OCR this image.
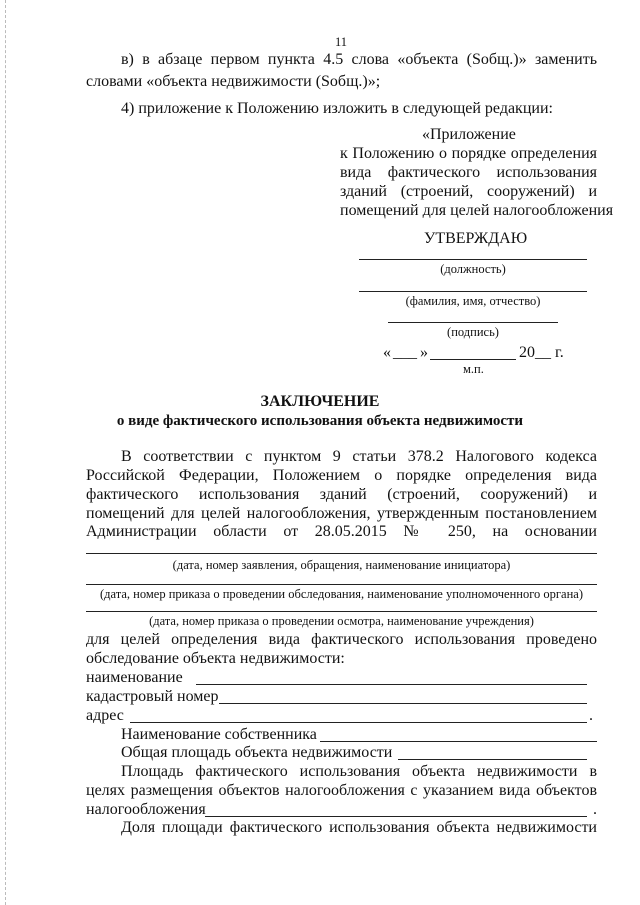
11
в) в абзаце первом пункта 4.5 слова «объекта (Sобщ.)» заменить
словами «объекта недвижимости (Sобщ.)»;
4) приложение к Положению изложить в следующей редакции:
«Приложение
к Положению о порядке определения
вида фактического использования
зданий (строений, сооружений) и
помещений для целей налогообложения
УТВЕРЖДАЮ
(должность)
(фамилия, имя, отчество)
(подпись)
« ___ »	20 __ г.
м.п.
ЗАКЛЮЧЕНИЕ
о виде фактического использования объекта недвижимости
В соответствии с пунктом 9 статьи 378.2 Налогового кодекса
Российской Федерации, Положением о порядке определения вида
фактического использования зданий (строений, сооружений) и
помещений для целей налогообложения, утвержденным постановлением
Администрации области от 28.05.2015 № 250, на основании
(дата, номер заявления, обращения, наименование инициатора)
(дата, номер приказа о проведении обследования, наименование уполномоченного органа)
(дата, номер приказа о проведении осмотра, наименование учреждения)
для целей определения вида фактического использования проведено
обследование объекта недвижимости:
наименование
кадастровый номер
адрес	.
Наименование собственника
Общая площадь объекта недвижимости
Площадь фактического использования объекта недвижимости в
целях размещения объектов налогообложения с указанием вида объектов
налогообложения	.
Доля площади фактического использования объекта недвижимости
